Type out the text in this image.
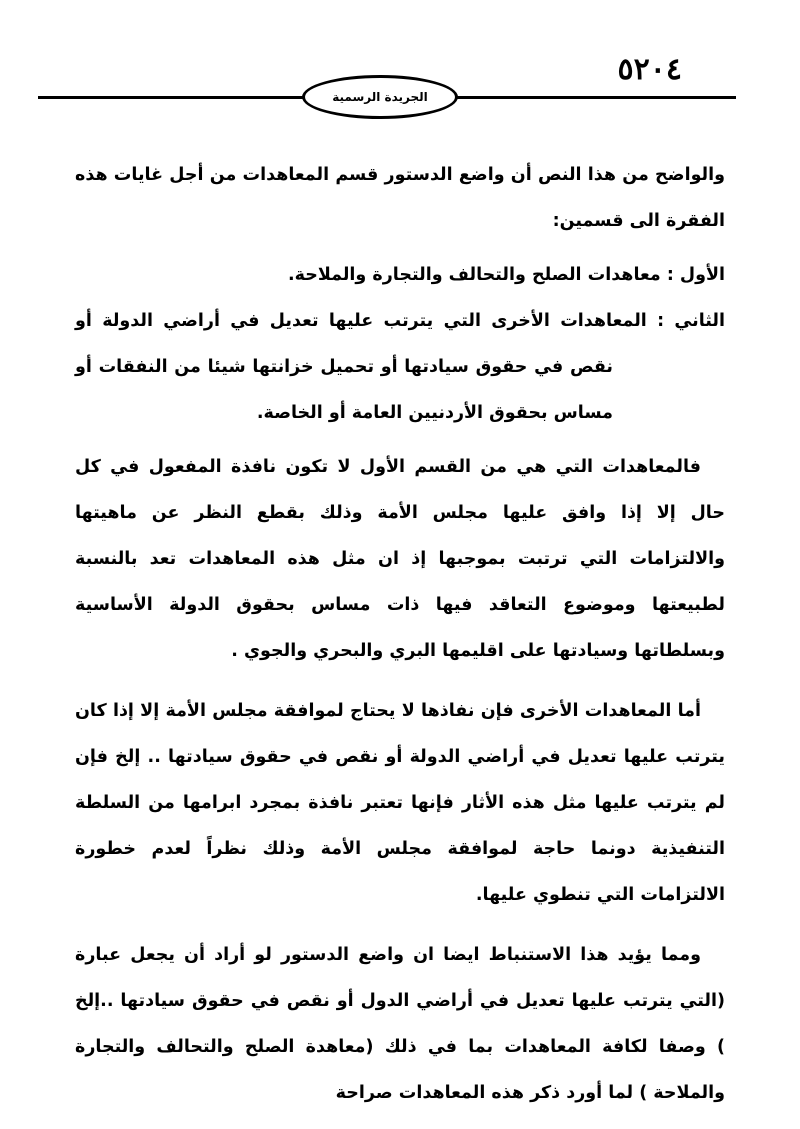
٥٢٠٤
الجريدة الرسمية

والواضح من هذا النص أن واضع الدستور قسم المعاهدات من أجل غايات هذه الفقرة الى قسمين:

الأول : معاهدات الصلح والتحالف والتجارة والملاحة.

الثاني : المعاهدات الأخرى التي يترتب عليها تعديل في أراضي الدولة أو نقص في حقوق سيادتها أو تحميل خزانتها شيئا من النفقات أو مساس بحقوق الأردنيين العامة أو الخاصة.

فالمعاهدات التي هي من القسم الأول لا تكون نافذة المفعول في كل حال إلا إذا وافق عليها مجلس الأمة وذلك بقطع النظر عن ماهيتها والالتزامات التي ترتبت بموجبها إذ ان مثل هذه المعاهدات تعد بالنسبة لطبيعتها وموضوع التعاقد فيها ذات مساس بحقوق الدولة الأساسية وبسلطاتها وسيادتها على اقليمها البري والبحري والجوي .

أما المعاهدات الأخرى فإن نفاذها لا يحتاج لموافقة مجلس الأمة إلا إذا كان يترتب عليها تعديل في أراضي الدولة أو نقص في حقوق سيادتها .. إلخ فإن لم يترتب عليها مثل هذه الأثار فإنها تعتبر نافذة بمجرد ابرامها من السلطة التنفيذية دونما حاجة لموافقة مجلس الأمة وذلك نظراً لعدم خطورة الالتزامات التي تنطوي عليها.

ومما يؤيد هذا الاستنباط ايضا ان واضع الدستور لو أراد أن يجعل عبارة (التي يترتب عليها تعديل في أراضي الدول أو نقص في حقوق سيادتها ..إلخ ) وصفا لكافة المعاهدات بما في ذلك (معاهدة الصلح والتحالف والتجارة والملاحة ) لما أورد ذكر هذه المعاهدات صراحة
